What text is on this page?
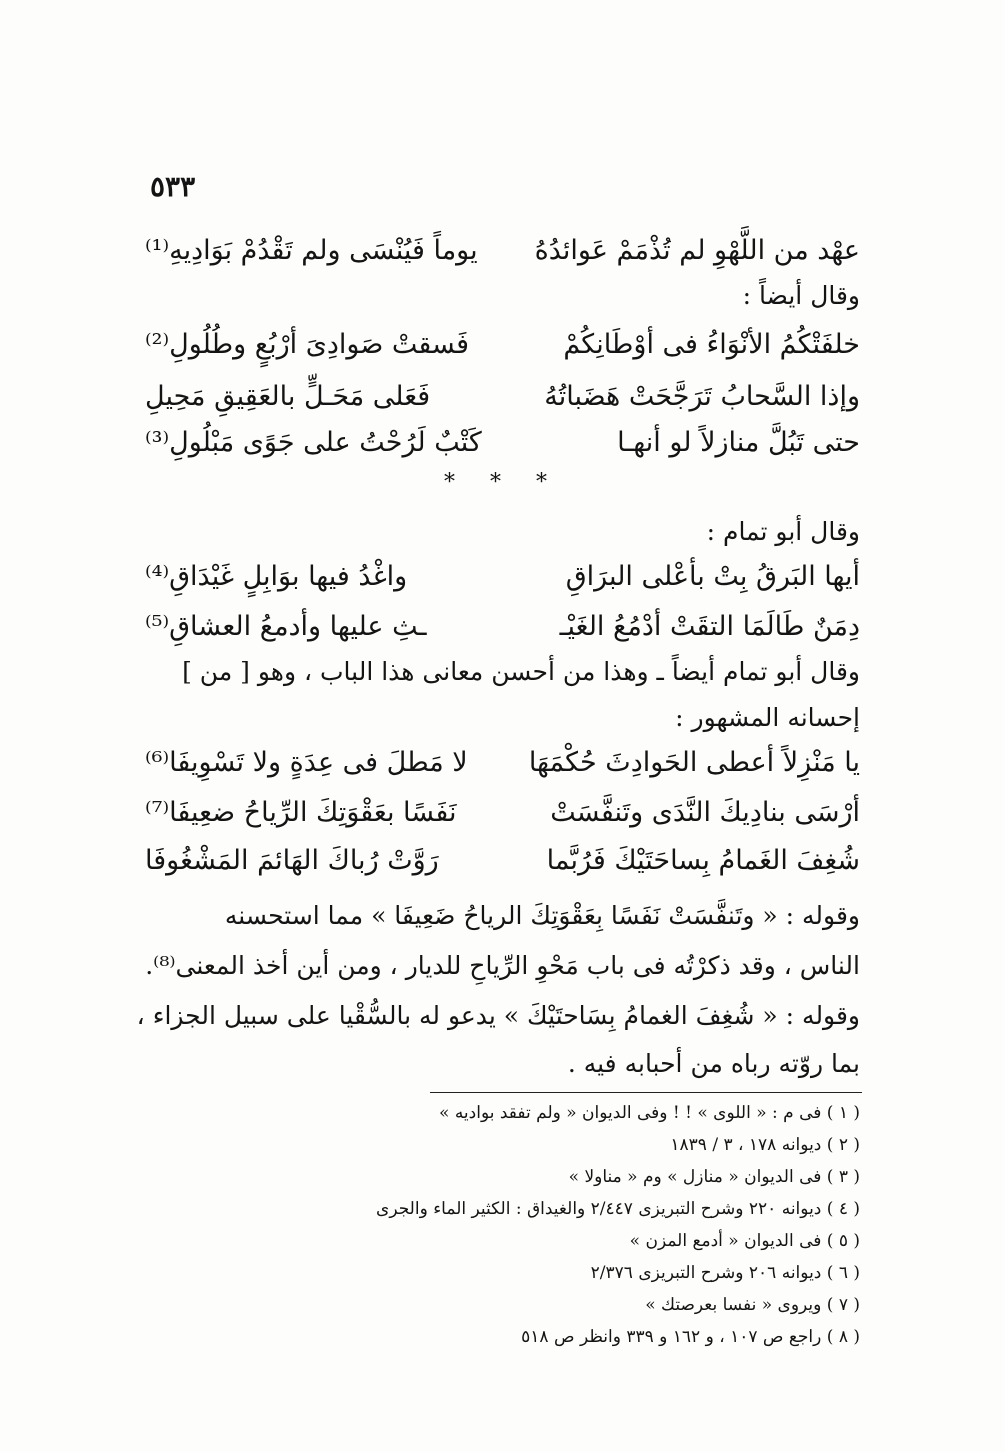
٥٣٣
عهْد من اللَّهْوِ لم تُذْمَمْ عَوائدُهُ
يوماً فَيُنْسَى ولم تَقْدُمْ بَوَادِيهِ⁽¹⁾
وقال أيضاً :
خلفَتْكُمُ الأنْوَاءُ فى أوْطَانِكُمْ
فَسقتْ صَوادِىَ أرْبُعٍ وطُلُولِ⁽²⁾
وإذا السَّحابُ تَرَجَّحَتْ هَضَباتُهُ
فَعَلى مَحَـلٍّ بالعَقِيقِ مَحِيلِ
حتى تَبُلَّ منازلاً لو أنهـا
كَتْبٌ لَرُحْتُ على جَوًى مَبْلُولِ⁽³⁾
* * *
وقال أبو تمام :
أيها البَرقُ بِتْ بأعْلى البرَاقِ
واغْدُ فيها بوَابِلٍ غَيْدَاقِ⁽⁴⁾
دِمَنٌ طَالَمَا التقَتْ أدْمُعُ الغَيْـ
ـثِ عليها وأدمعُ العشاقِ⁽⁵⁾
وقال أبو تمام أيضاً ـ وهذا من أحسن معانى هذا الباب ، وهو [ من ]
إحسانه المشهور :
يا مَنْزِلاً أعطى الحَوادِثَ حُكْمَهَا
لا مَطلَ فى عِدَةٍ ولا تَسْوِيفَا⁽⁶⁾
أرْسَى بنادِيكَ النَّدَى وتَنفَّسَتْ
نَفَسًا بعَقْوَتِكَ الرِّياحُ ضعِيفَا⁽⁷⁾
شُغِفَ الغَمامُ بِساحَتَيْكَ فَرُبَّما
رَوَّتْ رُباكَ الهَائمَ المَشْغُوفَا
وقوله : « وتَنفَّسَتْ نَفَسًا بِعَقْوَتِكَ الرياحُ ضَعِيفَا » مما استحسنه
الناس ، وقد ذكرْتُه فى باب مَحْوِ الرِّياحِ للديار ، ومن أين أخذ المعنى⁽⁸⁾.
وقوله : « شُغِفَ الغمامُ بِسَاحتَيْكَ » يدعو له بالسُّقْيا على سبيل الجزاء ،
بما روّته رباه من أحبابه فيه .
( ١ ) فى م : « اللوى » ! ! وفى الديوان « ولم تفقد بواديه »
( ٢ ) ديوانه ١٧٨ ، ٣ / ١٨٣٩
( ٣ ) فى الديوان « منازل » وم « مناولا »
( ٤ ) ديوانه ٢٢٠ وشرح التبريزى ٢/٤٤٧ والغيداق : الكثير الماء والجرى
( ٥ ) فى الديوان « أدمع المزن »
( ٦ ) ديوانه ٢٠٦ وشرح التبريزى ٢/٣٧٦
( ٧ ) ويروى « نفسا بعرصتك »
( ٨ ) راجع ص ١٠٧ ، و ١٦٢ و ٣٣٩ وانظر ص ٥١٨
